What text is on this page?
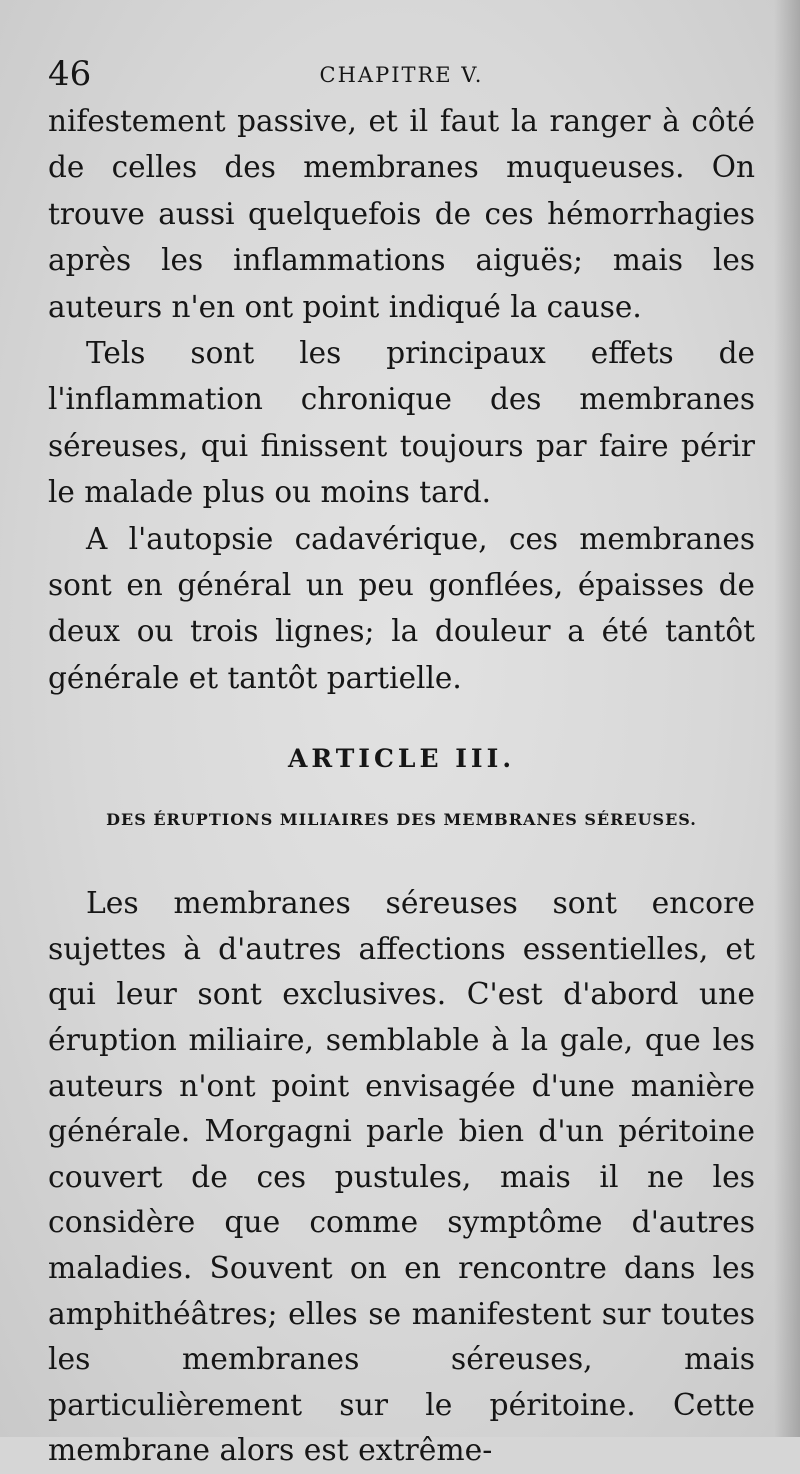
46	CHAPITRE V.

nifestement passive, et il faut la ranger à côté de celles des membranes muqueuses. On trouve aussi quelquefois de ces hémorrhagies après les inflammations aiguës; mais les auteurs n'en ont point indiqué la cause.

Tels sont les principaux effets de l'inflammation chronique des membranes séreuses, qui finissent toujours par faire périr le malade plus ou moins tard.

A l'autopsie cadavérique, ces membranes sont en général un peu gonflées, épaisses de deux ou trois lignes; la douleur a été tantôt générale et tantôt partielle.

ARTICLE III.
DES ÉRUPTIONS MILIAIRES DES MEMBRANES SÉREUSES.

Les membranes séreuses sont encore sujettes à d'autres affections essentielles, et qui leur sont exclusives. C'est d'abord une éruption miliaire, semblable à la gale, que les auteurs n'ont point envisagée d'une manière générale. Morgagni parle bien d'un péritoine couvert de ces pustules, mais il ne les considère que comme symptôme d'autres maladies. Souvent on en rencontre dans les amphithéâtres; elles se manifestent sur toutes les membranes séreuses, mais particulièrement sur le péritoine. Cette membrane alors est extrême-
